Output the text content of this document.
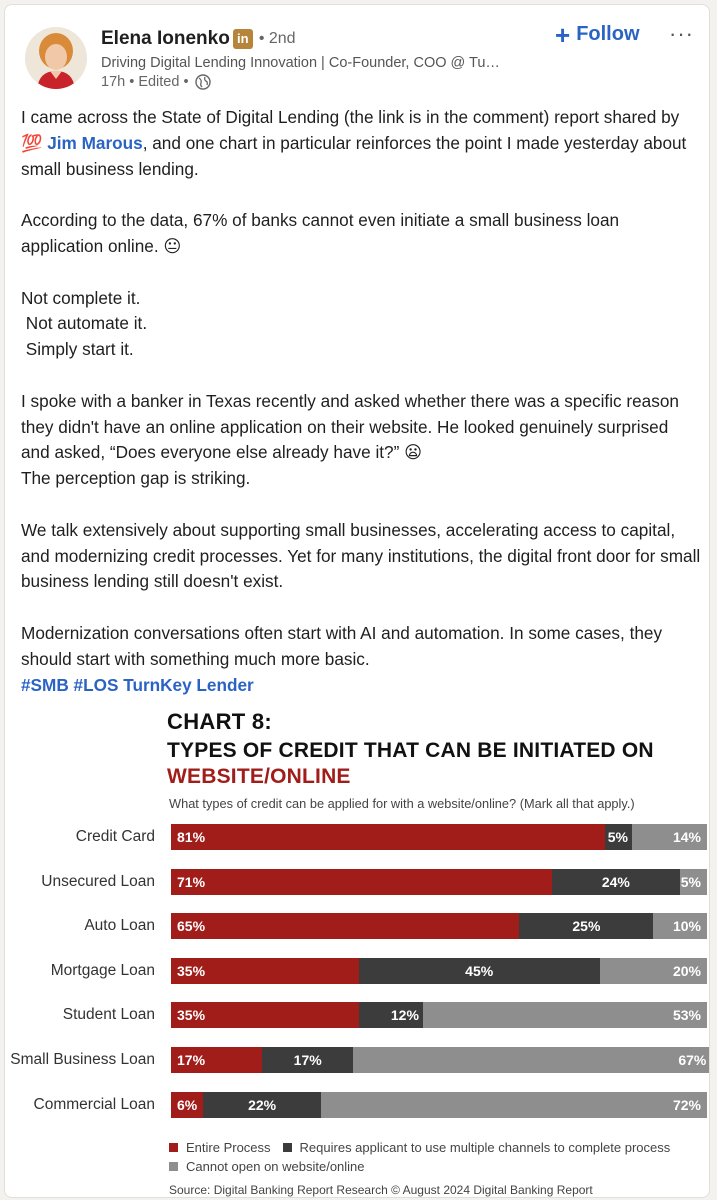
Elena Ionenko in • 2nd
Driving Digital Lending Innovation | Co-Founder, COO @ Tu…
17h • Edited •
+ Follow ···

I came across the State of Digital Lending (the link is in the comment) report shared by 💯 Jim Marous, and one chart in particular reinforces the point I made yesterday about small business lending.

According to the data, 67% of banks cannot even initiate a small business loan application online. 😐

Not complete it.

Not automate it.

Simply start it.

I spoke with a banker in Texas recently and asked whether there was a specific reason they didn't have an online application on their website. He looked genuinely surprised and asked, “Does everyone else already have it?” 😦

The perception gap is striking.

We talk extensively about supporting small businesses, accelerating access to capital, and modernizing credit processes. Yet for many institutions, the digital front door for small business lending still doesn't exist.

Modernization conversations often start with AI and automation. In some cases, they should start with something much more basic.

#SMB #LOS TurnKey Lender

CHART 8:
TYPES OF CREDIT THAT CAN BE INITIATED ON
WEBSITE/ONLINE
What types of credit can be applied for with a website/online? (Mark all that apply.)
Entire Process Requires applicant to use multiple channels to complete process
Cannot open on website/online
Source: Digital Banking Report Research © August 2024 Digital Banking Report
Credit Card 81%	5%	14%
Unsecured Loan 71%	24%	5%
Auto Loan 65%	25%	10%
Mortgage Loan 35%	45%	20%
Student Loan 35%	12%	53%
Small Business Loan 17%	17%	67%
Commercial Loan 6%	22%	72%
